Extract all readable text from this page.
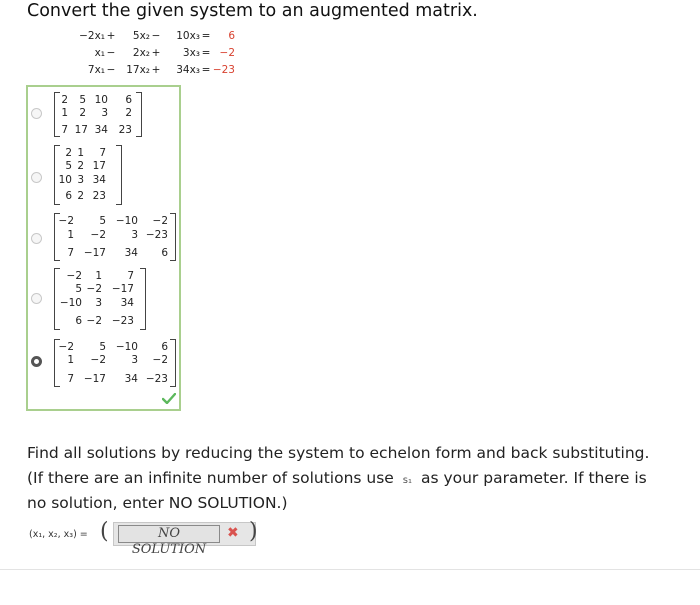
Convert the given system to an augmented matrix.
−2x₁ +	5x₂ −	10x₃ =	6
x₁ −	2x₂ +	3x₃ = −2
7x₁ −	17x₂ +	34x₃ = −23
2	5 10	6
1	2	3	2
7 17 34 23
2 1	7
5 2 17
10 3 34
6 2 23
−2	5 −10	−2
1	−2	3 −23
7 −17	34	6
−2	1	7
5 −2 −17
−10	3	34
6 −2 −23
−2	5 −10	6
1	−2	3	−2
7 −17	34 −23
Find all solutions by reducing the system to echelon form and back substituting.
(If there are an infinite number of solutions use s₁ as your parameter. If there is
no solution, enter NO SOLUTION.)
(x₁, x₂, x₃) = (	NO SOLUTION
✖ )
